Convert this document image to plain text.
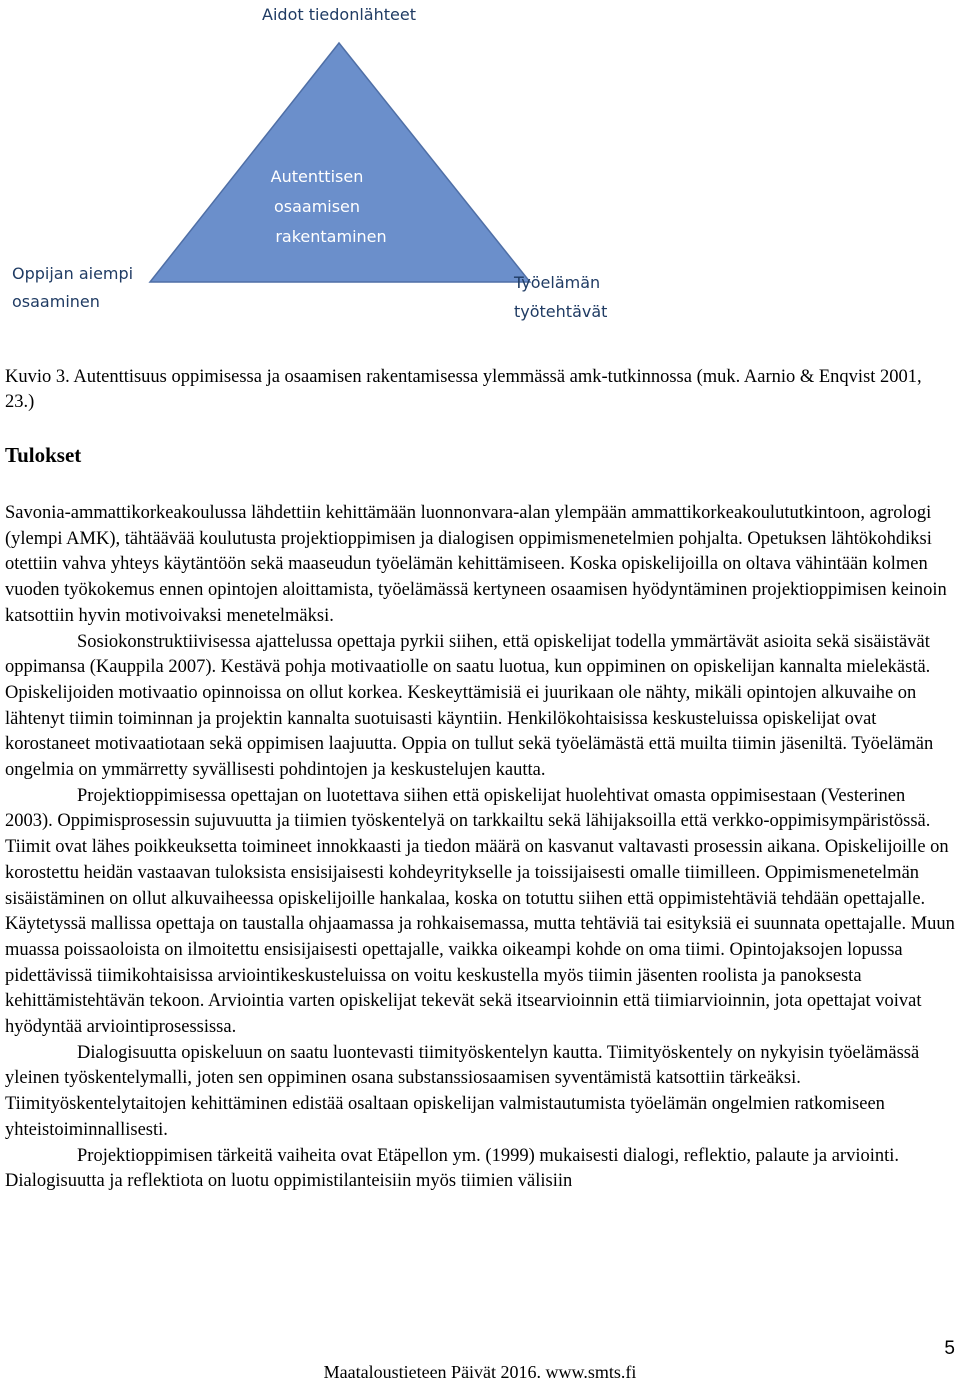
Aidot tiedonlähteet
Autenttisen
osaamisen
rakentaminen
Oppijan aiempi
osaaminen
Työelämän
työtehtävät
Kuvio 3. Autenttisuus oppimisessa ja osaamisen rakentamisessa ylemmässä amk-tutkinnossa (muk. Aarnio & Enqvist 2001, 23.)
Tulokset

Savonia-ammattikorkeakoulussa lähdettiin kehittämään luonnonvara-alan ylempään ammattikorkeakoulututkintoon, agrologi (ylempi AMK), tähtäävää koulutusta projektioppimisen ja dialogisen oppimismenetelmien pohjalta. Opetuksen lähtökohdiksi otettiin vahva yhteys käytäntöön sekä maaseudun työelämän kehittämiseen. Koska opiskelijoilla on oltava vähintään kolmen vuoden työkokemus ennen opintojen aloittamista, työelämässä kertyneen osaamisen hyödyntäminen projektioppimisen keinoin katsottiin hyvin motivoivaksi menetelmäksi.

Sosiokonstruktiivisessa ajattelussa opettaja pyrkii siihen, että opiskelijat todella ymmärtävät asioita sekä sisäistävät oppimansa (Kauppila 2007). Kestävä pohja motivaatiolle on saatu luotua, kun oppiminen on opiskelijan kannalta mielekästä. Opiskelijoiden motivaatio opinnoissa on ollut korkea. Keskeyttämisiä ei juurikaan ole nähty, mikäli opintojen alkuvaihe on lähtenyt tiimin toiminnan ja projektin kannalta suotuisasti käyntiin. Henkilökohtaisissa keskusteluissa opiskelijat ovat korostaneet motivaatiotaan sekä oppimisen laajuutta. Oppia on tullut sekä työelämästä että muilta tiimin jäseniltä. Työelämän ongelmia on ymmärretty syvällisesti pohdintojen ja keskustelujen kautta.

Projektioppimisessa opettajan on luotettava siihen että opiskelijat huolehtivat omasta oppimisestaan (Vesterinen 2003). Oppimisprosessin sujuvuutta ja tiimien työskentelyä on tarkkailtu sekä lähijaksoilla että verkko-oppimisympäristössä. Tiimit ovat lähes poikkeuksetta toimineet innokkaasti ja tiedon määrä on kasvanut valtavasti prosessin aikana. Opiskelijoille on korostettu heidän vastaavan tuloksista ensisijaisesti kohdeyritykselle ja toissijaisesti omalle tiimilleen. Oppimismenetelmän sisäistäminen on ollut alkuvaiheessa opiskelijoille hankalaa, koska on totuttu siihen että oppimistehtäviä tehdään opettajalle. Käytetyssä mallissa opettaja on taustalla ohjaamassa ja rohkaisemassa, mutta tehtäviä tai esityksiä ei suunnata opettajalle. Muun muassa poissaoloista on ilmoitettu ensisijaisesti opettajalle, vaikka oikeampi kohde on oma tiimi. Opintojaksojen lopussa pidettävissä tiimikohtaisissa arviointikeskusteluissa on voitu keskustella myös tiimin jäsenten roolista ja panoksesta kehittämistehtävän tekoon. Arviointia varten opiskelijat tekevät sekä itsearvioinnin että tiimiarvioinnin, jota opettajat voivat hyödyntää arviointiprosessissa.

Dialogisuutta opiskeluun on saatu luontevasti tiimityöskentelyn kautta. Tiimityöskentely on nykyisin työelämässä yleinen työskentelymalli, joten sen oppiminen osana substanssiosaamisen syventämistä katsottiin tärkeäksi. Tiimityöskentelytaitojen kehittäminen edistää osaltaan opiskelijan valmistautumista työelämän ongelmien ratkomiseen yhteistoiminnallisesti.

Projektioppimisen tärkeitä vaiheita ovat Etäpellon ym. (1999) mukaisesti dialogi, reflektio, palaute ja arviointi. Dialogisuutta ja reflektiota on luotu oppimistilanteisiin myös tiimien välisiin

5
Maataloustieteen Päivät 2016. www.smts.fi
